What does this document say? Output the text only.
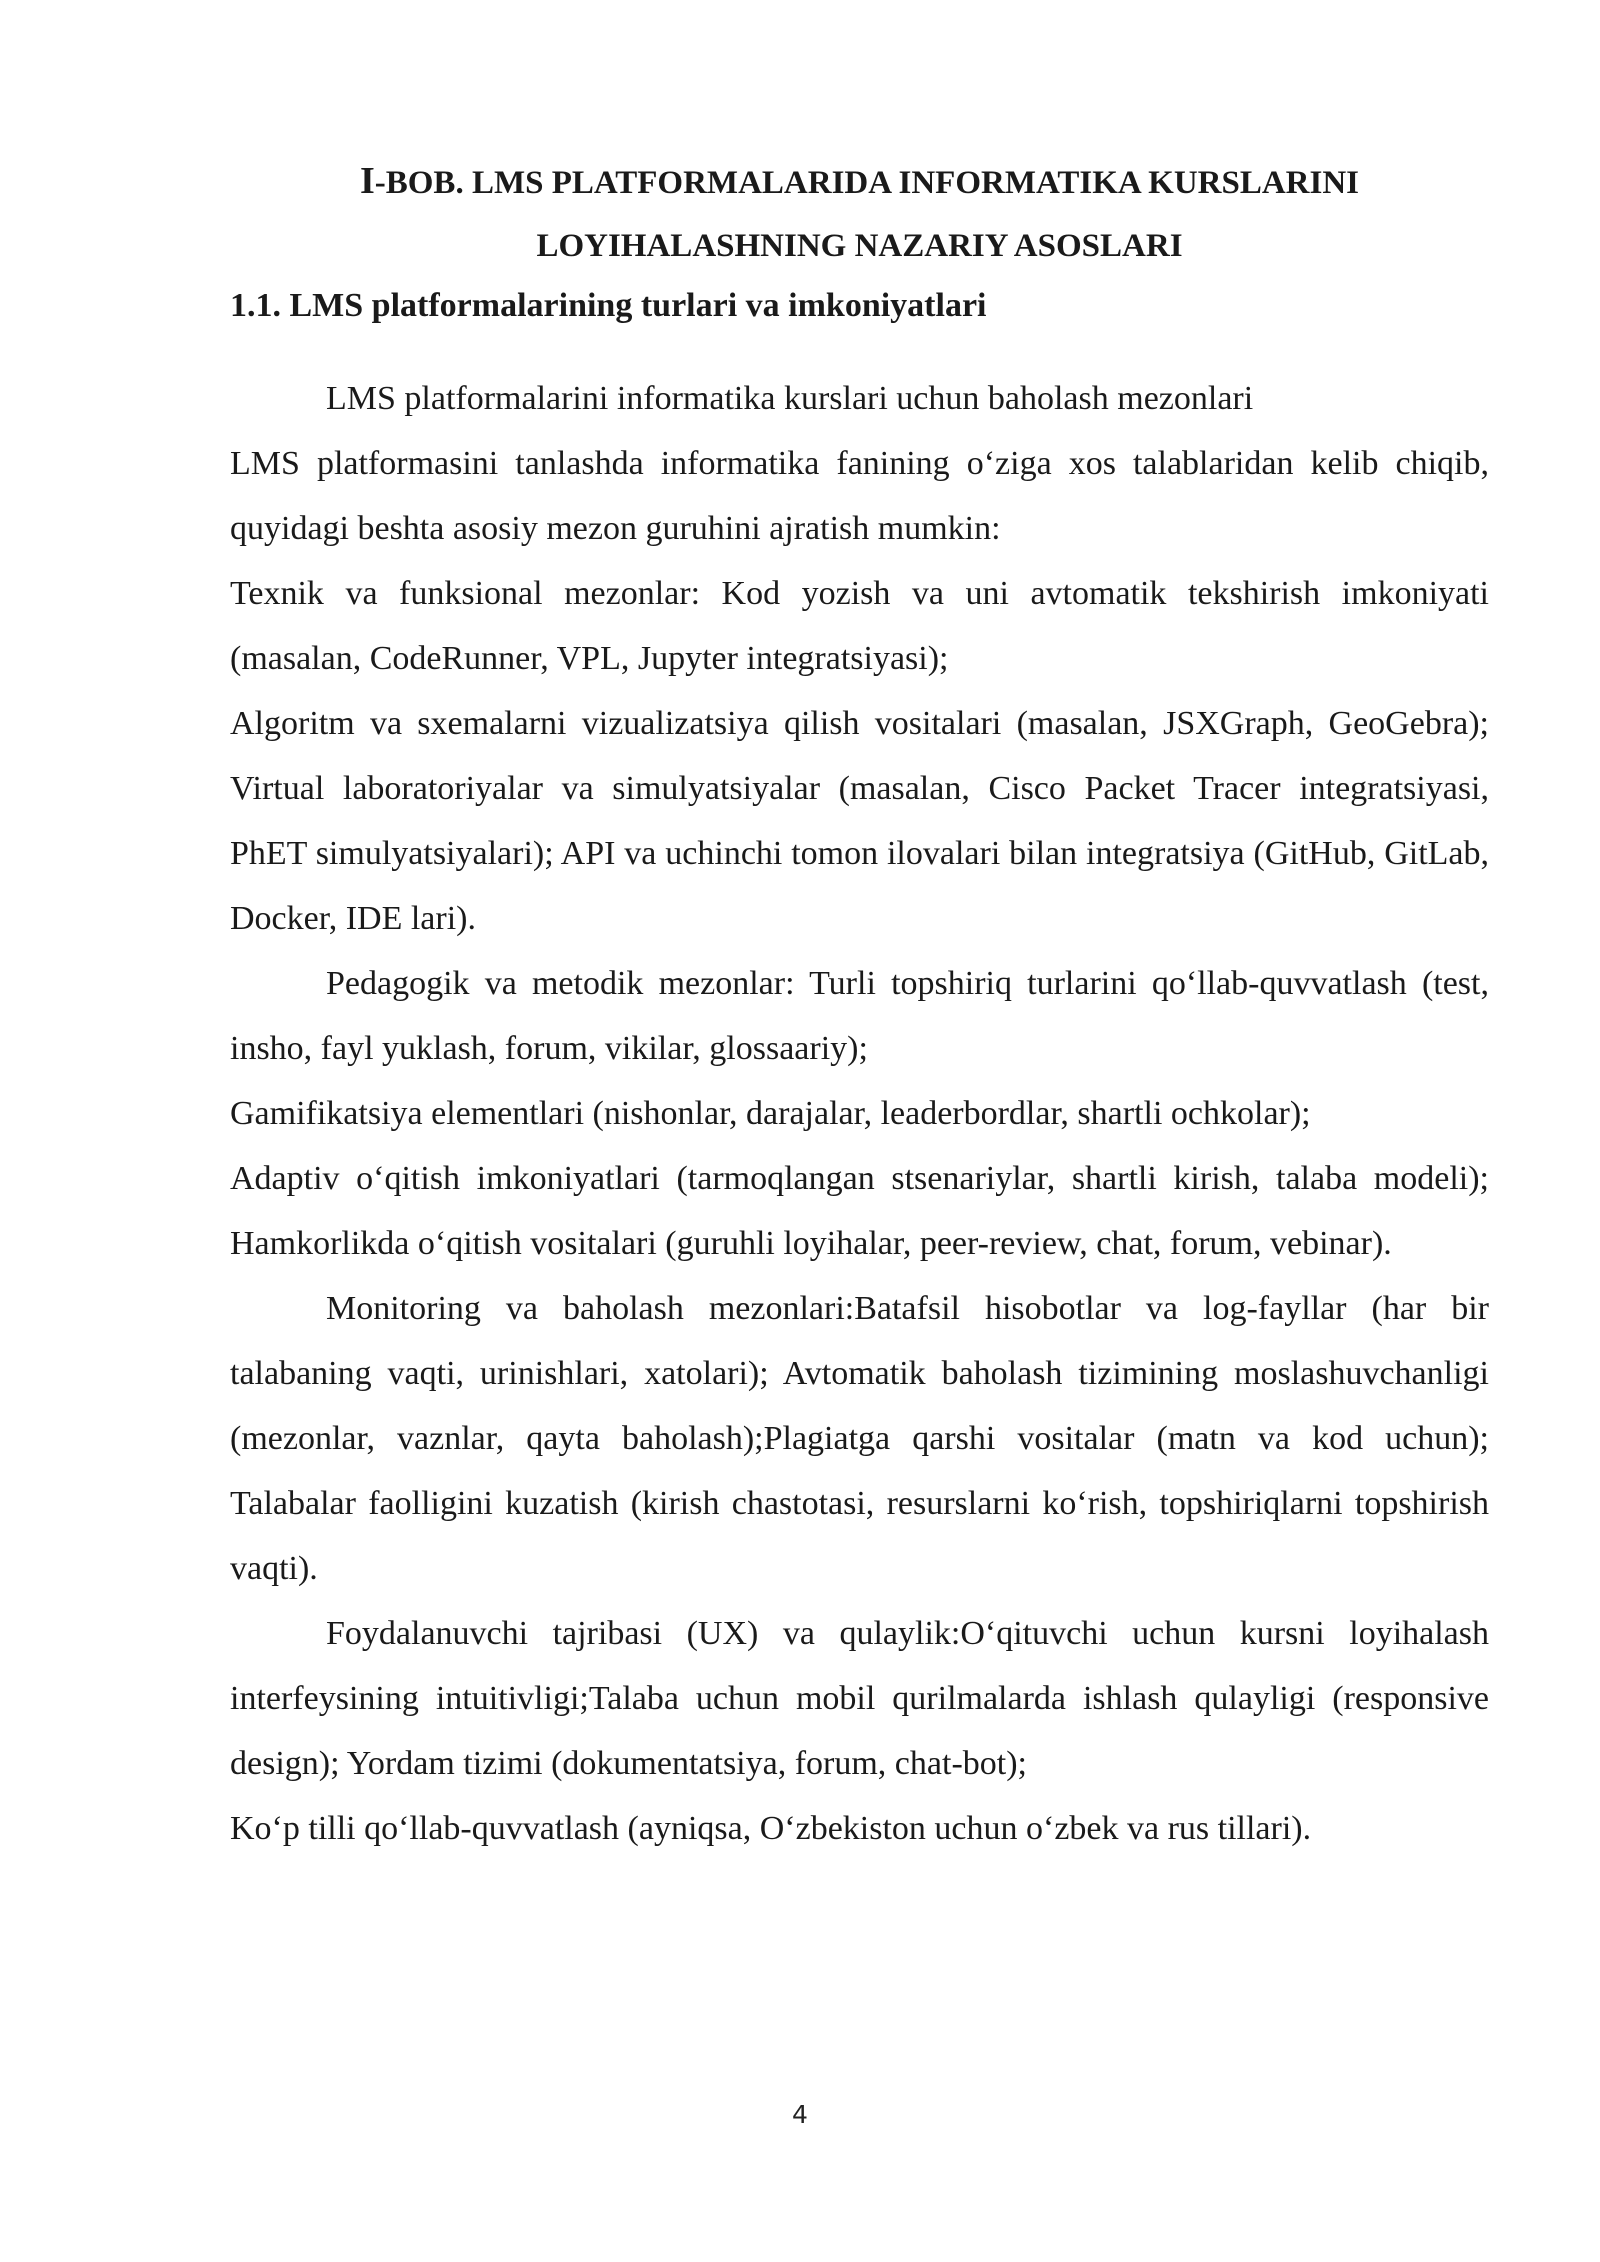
I-BOB. LMS PLATFORMALARIDA INFORMATIKA KURSLARINI
LOYIHALASHNING NAZARIY ASOSLARI
1.1. LMS platformalarining turlari va imkoniyatlari

LMS platformalarini informatika kurslari uchun baholash mezonlari

LMS platformasini tanlashda informatika fanining o‘ziga xos talablaridan kelib chiqib, quyidagi beshta asosiy mezon guruhini ajratish mumkin:

Texnik va funksional mezonlar: Kod yozish va uni avtomatik tekshirish imkoniyati (masalan, CodeRunner, VPL, Jupyter integratsiyasi);

Algoritm va sxemalarni vizualizatsiya qilish vositalari (masalan, JSXGraph, GeoGebra); Virtual laboratoriyalar va simulyatsiyalar (masalan, Cisco Packet Tracer integratsiyasi, PhET simulyatsiyalari); API va uchinchi tomon ilovalari bilan integratsiya (GitHub, GitLab, Docker, IDE lari).

Pedagogik va metodik mezonlar: Turli topshiriq turlarini qo‘llab-quvvatlash (test, insho, fayl yuklash, forum, vikilar, glossaariy);

Gamifikatsiya elementlari (nishonlar, darajalar, leaderbordlar, shartli ochkolar);

Adaptiv o‘qitish imkoniyatlari (tarmoqlangan stsenariylar, shartli kirish, talaba modeli); Hamkorlikda o‘qitish vositalari (guruhli loyihalar, peer-review, chat, forum, vebinar).

Monitoring va baholash mezonlari:Batafsil hisobotlar va log-fayllar (har bir talabaning vaqti, urinishlari, xatolari); Avtomatik baholash tizimining moslashuvchanligi (mezonlar, vaznlar, qayta baholash);Plagiatga qarshi vositalar (matn va kod uchun); Talabalar faolligini kuzatish (kirish chastotasi, resurslarni ko‘rish, topshiriqlarni topshirish vaqti).

Foydalanuvchi tajribasi (UX) va qulaylik:O‘qituvchi uchun kursni loyihalash interfeysining intuitivligi;Talaba uchun mobil qurilmalarda ishlash qulayligi (responsive design); Yordam tizimi (dokumentatsiya, forum, chat-bot);

Ko‘p tilli qo‘llab-quvvatlash (ayniqsa, O‘zbekiston uchun o‘zbek va rus tillari).

4
